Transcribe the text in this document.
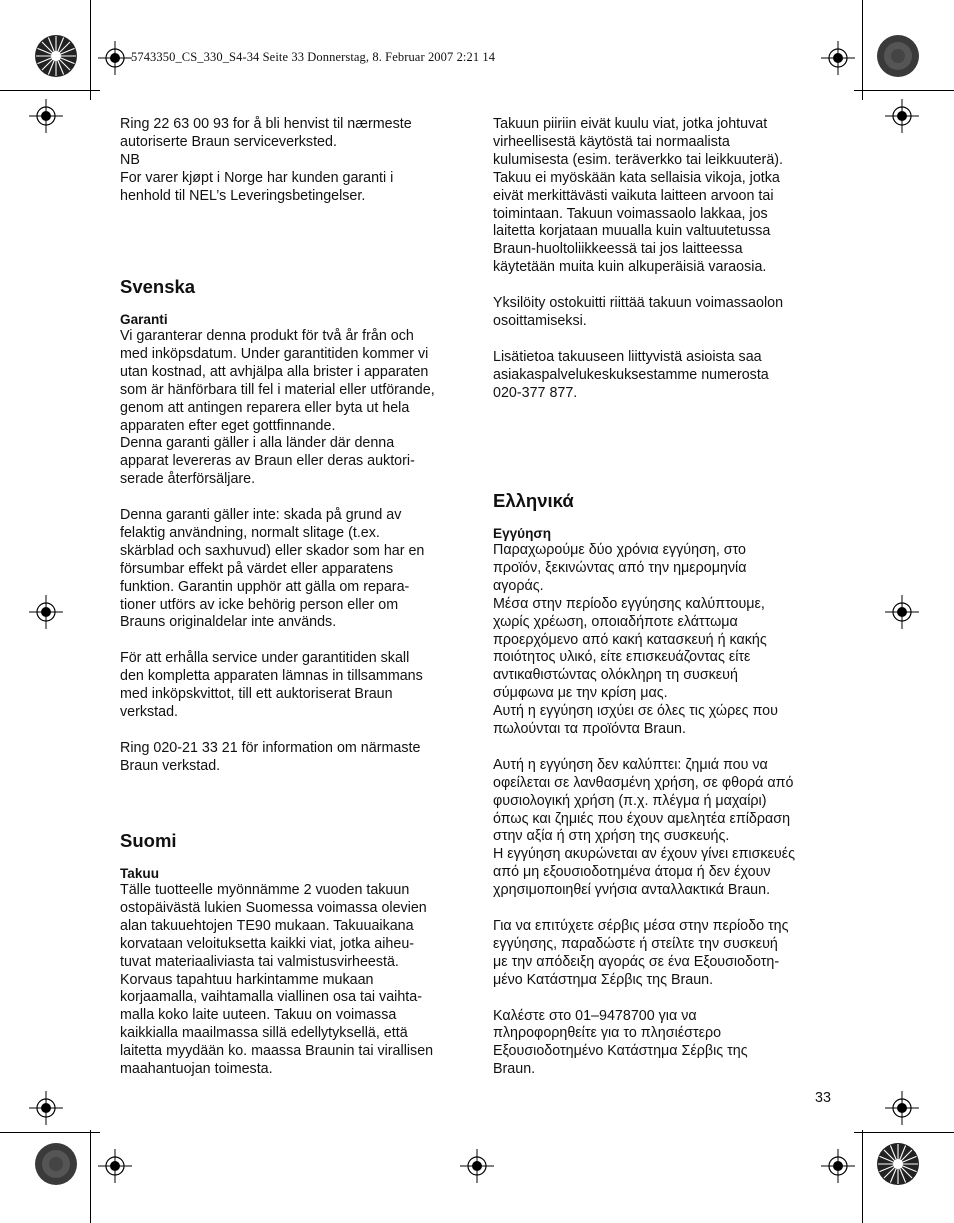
5743350_CS_330_S4-34 Seite 33 Donnerstag, 8. Februar 2007 2:21 14

Ring 22 63 00 93 for å bli henvist til nærmeste
autoriserte Braun serviceverksted.
NB
For varer kjøpt i Norge har kunden garanti i
henhold til NEL’s Leveringsbetingelser.

Svenska
Garanti

Vi garanterar denna produkt för två år från och
med inköpsdatum. Under garantitiden kommer vi
utan kostnad, att avhjälpa alla brister i apparaten
som är hänförbara till fel i material eller utförande,
genom att antingen reparera eller byta ut hela
apparaten efter eget gottfinnande.
Denna garanti gäller i alla länder där denna
apparat levereras av Braun eller deras auktori-
serade återförsäljare.

Denna garanti gäller inte: skada på grund av
felaktig användning, normalt slitage (t.ex.
skärblad och saxhuvud) eller skador som har en
försumbar effekt på värdet eller apparatens
funktion. Garantin upphör att gälla om repara-
tioner utförs av icke behörig person eller om
Brauns originaldelar inte används.

För att erhålla service under garantitiden skall
den kompletta apparaten lämnas in tillsammans
med inköpskvittot, till ett auktoriserat Braun
verkstad.

Ring 020-21 33 21 för information om närmaste
Braun verkstad.

Suomi
Takuu

Tälle tuotteelle myönnämme 2 vuoden takuun
ostopäivästä lukien Suomessa voimassa olevien
alan takuuehtojen TE90 mukaan. Takuuaikana
korvataan veloituksetta kaikki viat, jotka aiheu-
tuvat materiaaliviasta tai valmistusvirheestä.
Korvaus tapahtuu harkintamme mukaan
korjaamalla, vaihtamalla viallinen osa tai vaihta-
malla koko laite uuteen. Takuu on voimassa
kaikkialla maailmassa sillä edellytyksellä, että
laitetta myydään ko. maassa Braunin tai virallisen
maahantuojan toimesta.

Takuun piiriin eivät kuulu viat, jotka johtuvat
virheellisestä käytöstä tai normaalista
kulumisesta (esim. teräverkko tai leikkuuterä).
Takuu ei myöskään kata sellaisia vikoja, jotka
eivät merkittävästi vaikuta laitteen arvoon tai
toimintaan. Takuun voimassaolo lakkaa, jos
laitetta korjataan muualla kuin valtuutetussa
Braun-huoltoliikkeessä tai jos laitteessa
käytetään muita kuin alkuperäisiä varaosia.

Yksilöity ostokuitti riittää takuun voimassaolon
osoittamiseksi.

Lisätietoa takuuseen liittyvistä asioista saa
asiakaspalvelukeskuksestamme numerosta
020-377 877.

Ελληνικά
Εγγύηση

Παραχωρούμε δύο χρόνια εγγύηση, στο
προϊόν, ξεκινώντας από την ημερομηνία
αγοράς.
Μέσα στην περίοδο εγγύησης καλύπτουμε,
χωρίς χρέωση, οποιαδήποτε ελάττωμα
προερχόμενο από κακή κατασκευή ή κακής
ποιότητος υλικό, είτε επισκευάζοντας είτε
αντικαθιστώντας ολόκληρη τη συσκευή
σύμφωνα με την κρίση μας.
Αυτή η εγγύηση ισχύει σε όλες τις χώρες που
πωλούνται τα προϊόντα Braun.

Αυτή η εγγύηση δεν καλύπτει: ζημιά που να
οφείλεται σε λανθασμένη χρήση, σε φθορά από
φυσιολογική χρήση (π.χ. πλέγμα ή μαχαίρι)
όπως και ζημιές που έχουν αμελητέα επίδραση
στην αξία ή στη χρήση της συσκευής.
Η εγγύηση ακυρώνεται αν έχουν γίνει επισκευές
από μη εξουσιοδοτημένα άτομα ή δεν έχουν
χρησιμοποιηθεί γνήσια ανταλλακτικά Braun.

Για να επιτύχετε σέρβις μέσα στην περίοδο της
εγγύησης, παραδώστε ή στείλτε την συσκευή
με την απόδειξη αγοράς σε ένα Εξουσιοδοτη-
μένο Κατάστημα Σέρβις της Braun.

Καλέστε στο 01–9478700 για να
πληροφορηθείτε για το πλησιέστερο
Εξουσιοδοτημένο Κατάστημα Σέρβις της
Braun.

33
